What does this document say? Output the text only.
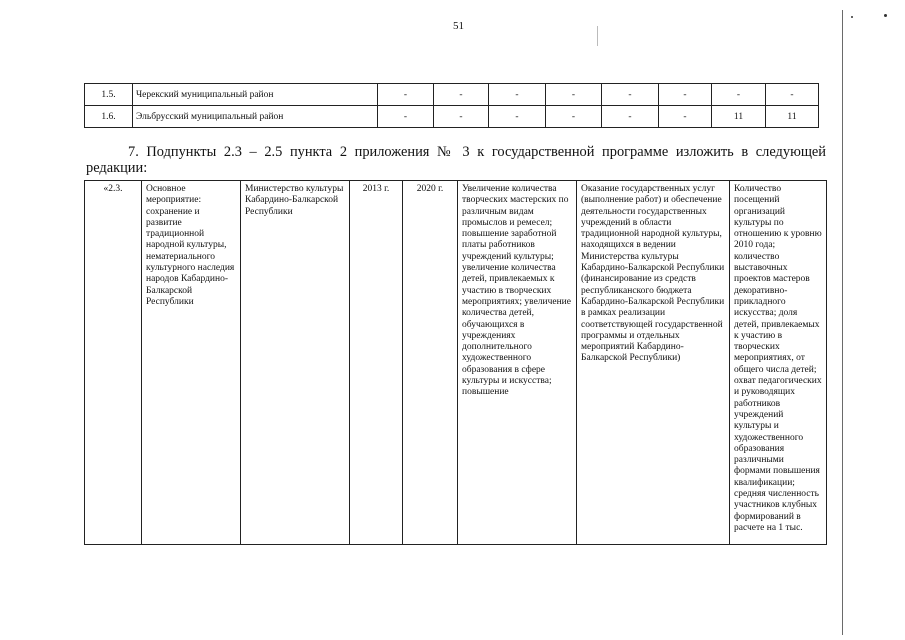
51
1.5.	Черекский муниципальный район	-	-	-	-	-	-	-	-
1.6.	Эльбрусский муниципальный район	-	-	-	-	-	-	11	11
7. Подпункты 2.3 – 2.5 пункта 2 приложения № 3 к государственной программе изложить в следующей редакции:
«2.3.	Основное мероприятие: сохранение и развитие традиционной народной культуры, нематериального культурного наследия народов Кабардино-Балкарской Республики	Министерство культуры Кабардино-Балкарской Республики	2013 г.	2020 г.	Увеличение количества творческих мастерских по различным видам промыслов и ремесел; повышение заработной платы работников учреждений культуры; увеличение количества детей, привлекаемых к участию в творческих мероприятиях; увеличение количества детей, обучающихся в учреждениях дополнительного художественного образования в сфере культуры и искусства; повышение	Оказание государственных услуг (выполнение работ) и обеспечение деятельности государственных учреждений в области традиционной народной культуры, находящихся в ведении Министерства культуры Кабардино-Балкарской Республики (финансирование из средств республиканского бюджета Кабардино-Балкарской Республики в рамках реализации соответствующей государственной программы и отдельных мероприятий Кабардино-Балкарской Республики)	Количество посещений организаций культуры по отношению к уровню 2010 года; количество выставочных проектов мастеров декоративно-прикладного искусства; доля детей, привлекаемых к участию в творческих мероприятиях, от общего числа детей; охват педагогических и руководящих работников учреждений культуры и художественного образования различными формами повышения квалификации; средняя численность участников клубных формирований в расчете на 1 тыс.
